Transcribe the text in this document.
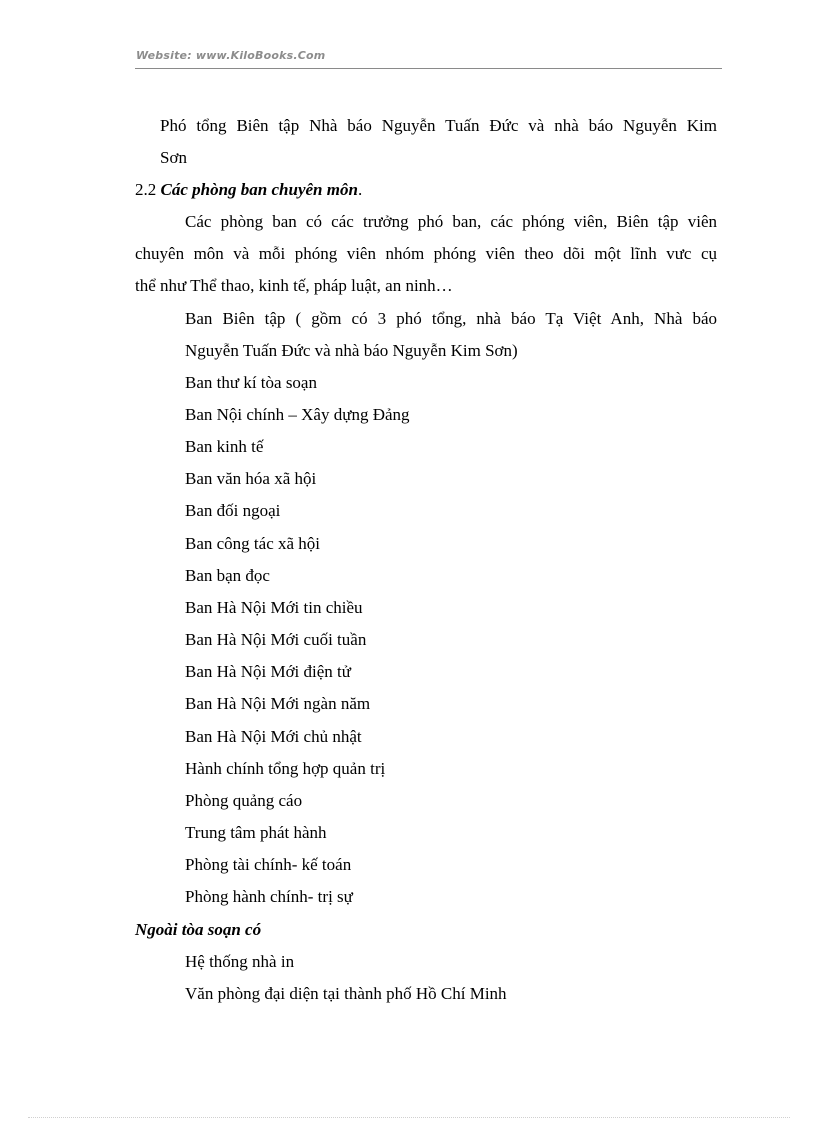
Website: www.KiloBooks.Com
Phó tổng Biên tập Nhà báo Nguyễn Tuấn Đức và nhà báo Nguyễn Kim
Sơn
2.2 Các phòng ban chuyên môn.
Các phòng ban có các trưởng phó ban, các phóng viên, Biên tập viên
chuyên môn và mỗi phóng viên nhóm phóng viên theo dõi một lĩnh vưc cụ
thể như Thể thao, kinh tế, pháp luật, an ninh…
Ban Biên tập ( gồm có 3 phó tổng, nhà báo Tạ Việt Anh, Nhà báo
Nguyễn Tuấn Đức và nhà báo Nguyễn Kim Sơn)
Ban thư kí tòa soạn
Ban Nội chính – Xây dựng Đảng
Ban kinh tế
Ban văn hóa xã hội
Ban đối ngoại
Ban công tác xã hội
Ban bạn đọc
Ban Hà Nội Mới tin chiều
Ban Hà Nội Mới cuối tuần
Ban Hà Nội Mới điện tử
Ban Hà Nội Mới ngàn năm
Ban Hà Nội Mới chủ nhật
Hành chính tổng hợp quản trị
Phòng quảng cáo
Trung tâm phát hành
Phòng tài chính- kế toán
Phòng hành chính- trị sự
Ngoài tòa soạn có
Hệ thống nhà in
Văn phòng đại diện tại thành phố Hồ Chí Minh
